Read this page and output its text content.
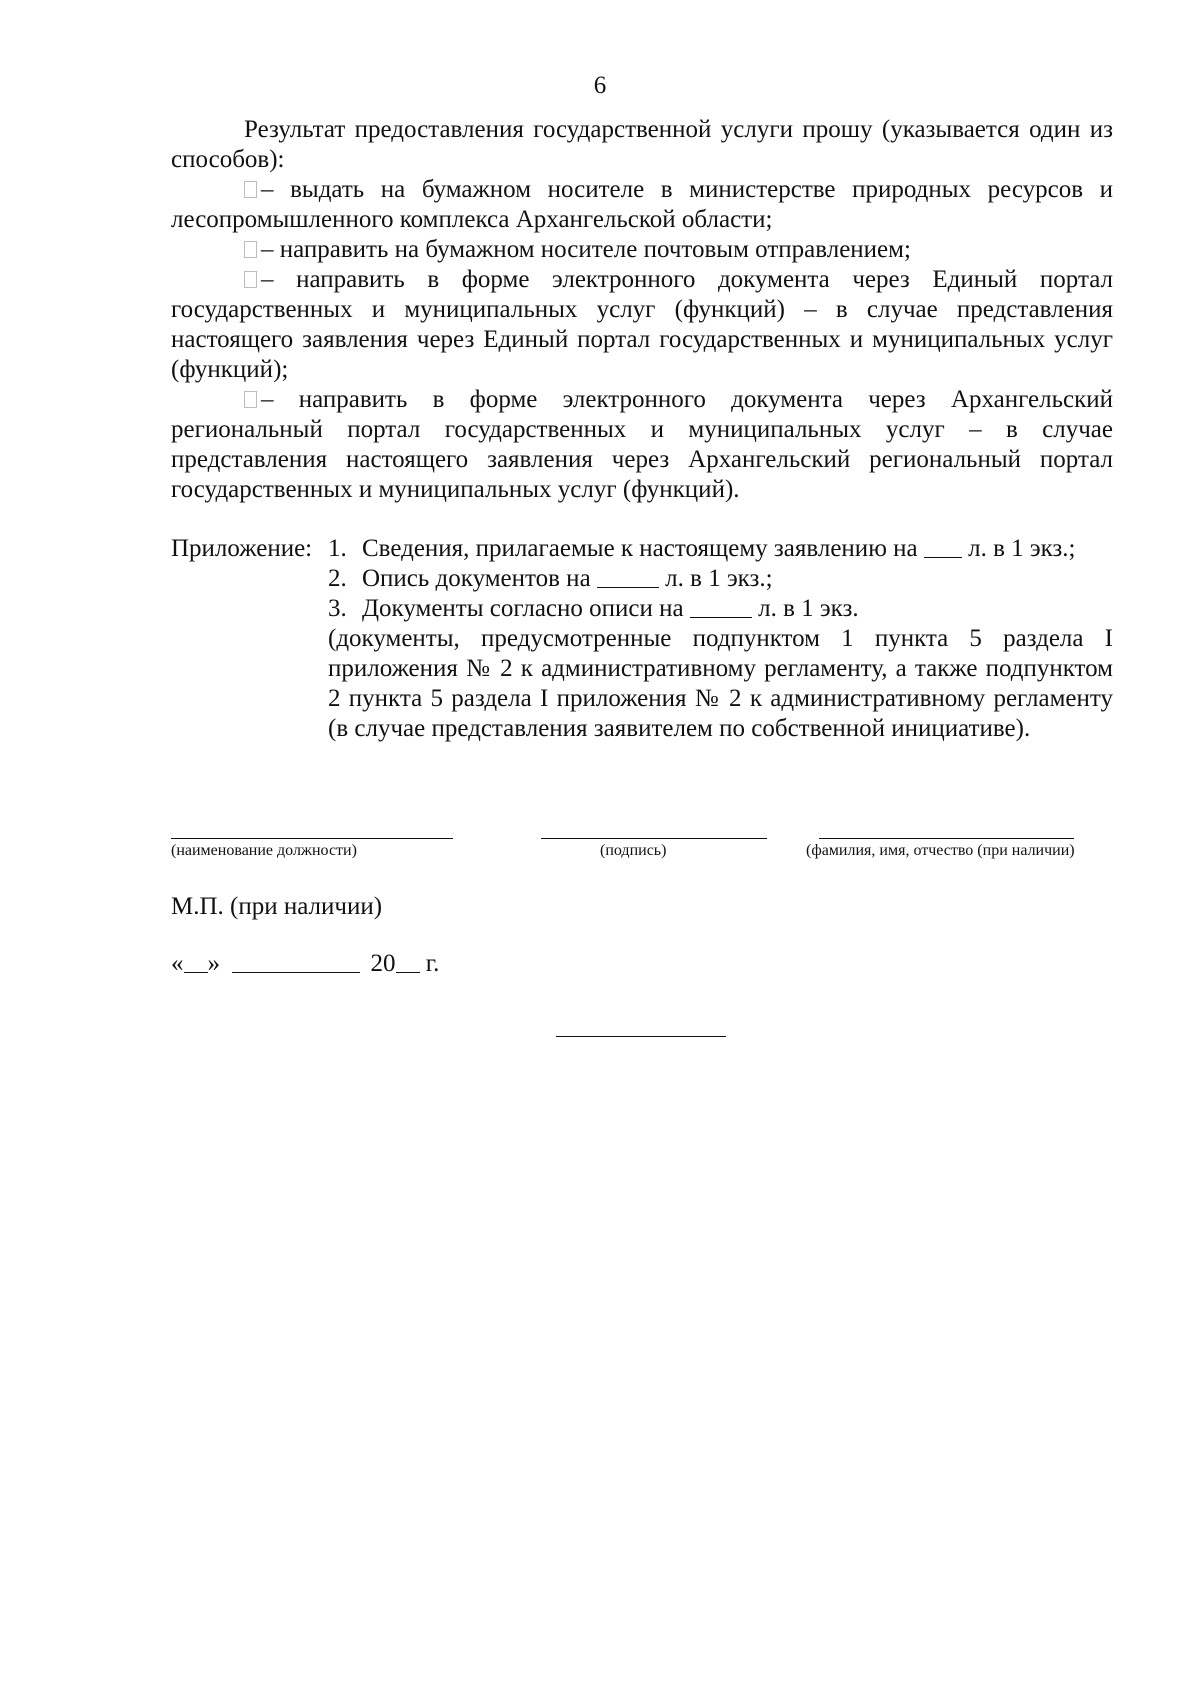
6

Результат предоставления государственной услуги прошу (указывается один из способов):

– выдать на бумажном носителе в министерстве природных ресурсов и лесопромышленного комплекса Архангельской области;

– направить на бумажном носителе почтовым отправлением;

– направить в форме электронного документа через Единый портал государственных и муниципальных услуг (функций) – в случае представления настоящего заявления через Единый портал государственных и муниципальных услуг (функций);

– направить в форме электронного документа через Архангельский региональный портал государственных и муниципальных услуг – в случае представления настоящего заявления через Архангельский региональный портал государственных и муниципальных услуг (функций).

Приложение: 1. Сведения, прилагаемые к настоящему заявлению на л. в 1 экз.;
2. Опись документов на	л. в 1 экз.;
3. Документы согласно описи на	л. в 1 экз.
(документы, предусмотренные подпунктом 1 пункта 5 раздела I приложения № 2 к административному регламенту, а также подпунктом 2 пункта 5 раздела I приложения № 2 к административному регламенту (в случае представления заявителем по собственной инициативе).
(наименование должности)	(подпись)	(фамилия, имя, отчество (при наличии)
М.П. (при наличии)
« »	20 г.
